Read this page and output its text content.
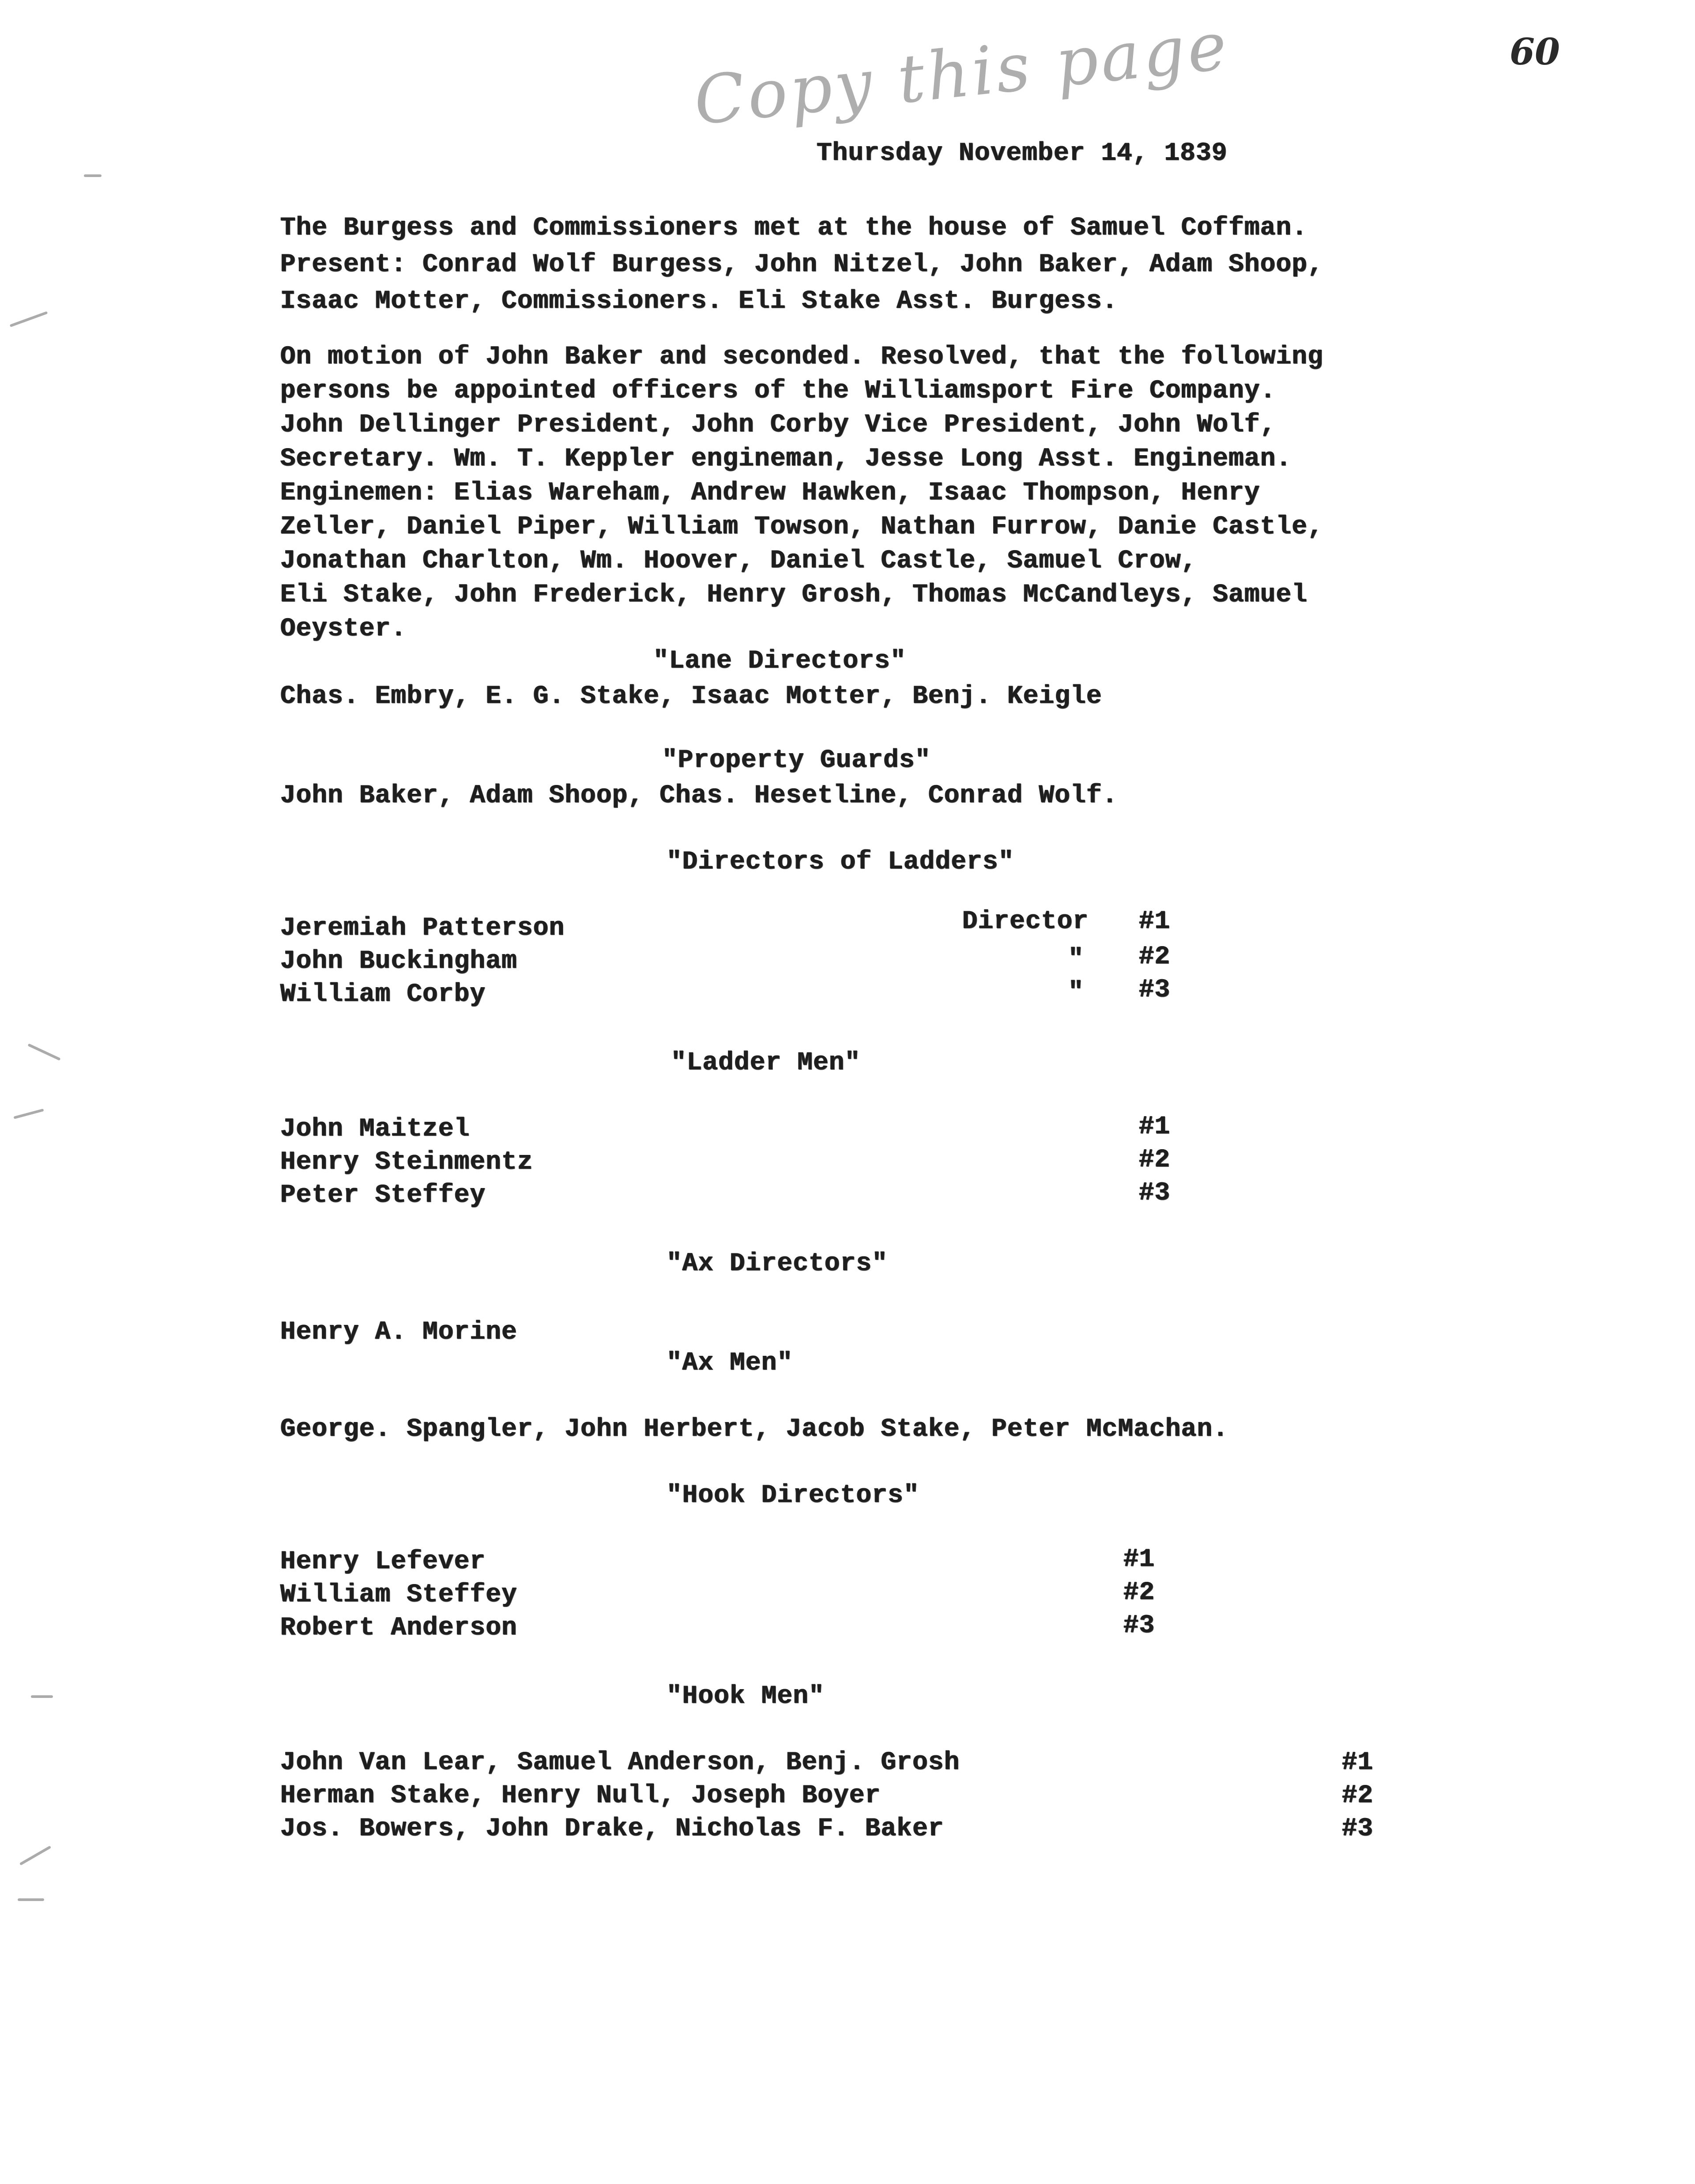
Copy this page	60
Thursday November 14, 1839
The Burgess and Commissioners met at the house of Samuel Coffman.
Present: Conrad Wolf Burgess, John Nitzel, John Baker, Adam Shoop,
Isaac Motter, Commissioners. Eli Stake Asst. Burgess.
On motion of John Baker and seconded. Resolved, that the following
persons be appointed officers of the Williamsport Fire Company.
John Dellinger President, John Corby Vice President, John Wolf,
Secretary. Wm. T. Keppler engineman, Jesse Long Asst. Engineman.
Enginemen: Elias Wareham, Andrew Hawken, Isaac Thompson, Henry
Zeller, Daniel Piper, William Towson, Nathan Furrow, Danie Castle,
Jonathan Charlton, Wm. Hoover, Daniel Castle, Samuel Crow,
Eli Stake, John Frederick, Henry Grosh, Thomas McCandleys, Samuel
Oeyster.
"Lane Directors"
Chas. Embry, E. G. Stake, Isaac Motter, Benj. Keigle
"Property Guards"
John Baker, Adam Shoop, Chas. Hesetline, Conrad Wolf.
"Directors of Ladders"
Jeremiah Patterson	Director #1
John Buckingham	" #2
William Corby	" #3
"Ladder Men"
John Maitzel	#1
Henry Steinmentz	#2
Peter Steffey	#3
"Ax Directors"
Henry A. Morine
"Ax Men"
George. Spangler, John Herbert, Jacob Stake, Peter McMachan.
"Hook Directors"
Henry Lefever	#1
William Steffey	#2
Robert Anderson	#3
"Hook Men"
John Van Lear, Samuel Anderson, Benj. Grosh	#1
Herman Stake, Henry Null, Joseph Boyer	#2
Jos. Bowers, John Drake, Nicholas F. Baker	#3
